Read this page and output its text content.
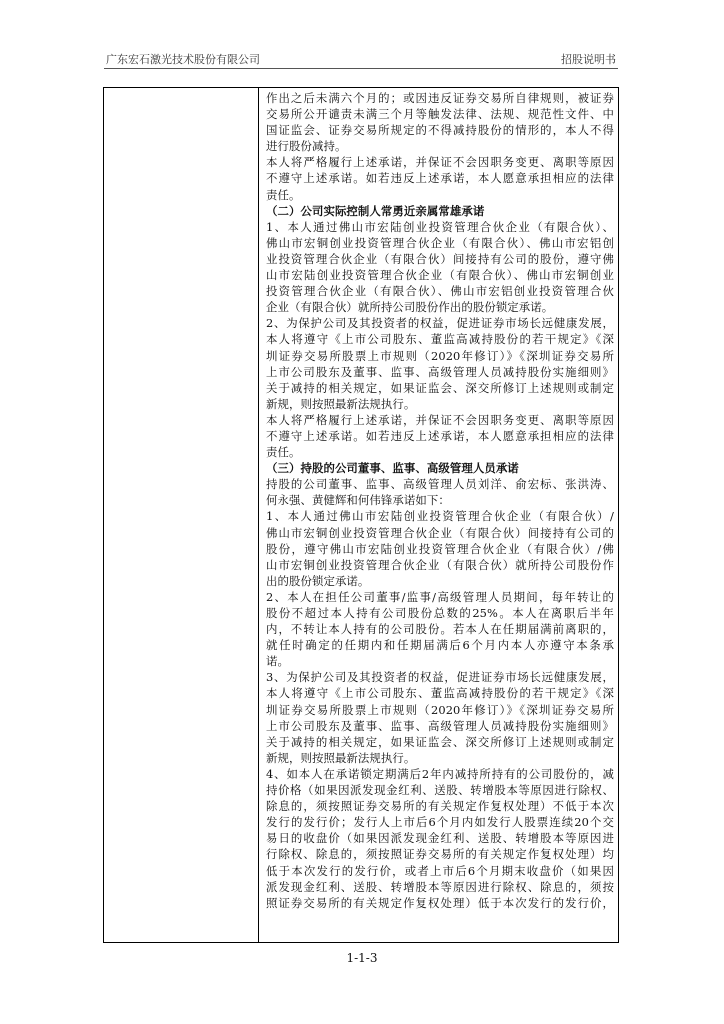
广东宏石激光技术股份有限公司	招股说明书
作出之后未满六个月的；或因违反证券交易所自律规则，被证券
交易所公开谴责未满三个月等触发法律、法规、规范性文件、中
国证监会、证券交易所规定的不得减持股份的情形的，本人不得
进行股份减持。
本人将严格履行上述承诺，并保证不会因职务变更、离职等原因
不遵守上述承诺。如若违反上述承诺，本人愿意承担相应的法律
责任。
（二）公司实际控制人常勇近亲属常雄承诺
1、本人通过佛山市宏陆创业投资管理合伙企业（有限合伙）、
佛山市宏铜创业投资管理合伙企业（有限合伙）、佛山市宏铝创
业投资管理合伙企业（有限合伙）间接持有公司的股份，遵守佛
山市宏陆创业投资管理合伙企业（有限合伙）、佛山市宏铜创业
投资管理合伙企业（有限合伙）、佛山市宏铝创业投资管理合伙
企业（有限合伙）就所持公司股份作出的股份锁定承诺。
2、为保护公司及其投资者的权益，促进证券市场长远健康发展，
本人将遵守《上市公司股东、董监高减持股份的若干规定》《深
圳证券交易所股票上市规则（2020年修订）》《深圳证券交易所
上市公司股东及董事、监事、高级管理人员减持股份实施细则》
关于减持的相关规定，如果证监会、深交所修订上述规则或制定
新规，则按照最新法规执行。
本人将严格履行上述承诺，并保证不会因职务变更、离职等原因
不遵守上述承诺。如若违反上述承诺，本人愿意承担相应的法律
责任。
（三）持股的公司董事、监事、高级管理人员承诺
持股的公司董事、监事、高级管理人员刘洋、俞宏标、张洪涛、
何永强、黄健辉和何伟锋承诺如下：
1、本人通过佛山市宏陆创业投资管理合伙企业（有限合伙）/
佛山市宏铜创业投资管理合伙企业（有限合伙）间接持有公司的
股份，遵守佛山市宏陆创业投资管理合伙企业（有限合伙）/佛
山市宏铜创业投资管理合伙企业（有限合伙）就所持公司股份作
出的股份锁定承诺。
2、本人在担任公司董事/监事/高级管理人员期间，每年转让的
股份不超过本人持有公司股份总数的25%。本人在离职后半年
内，不转让本人持有的公司股份。若本人在任期届满前离职的，
就任时确定的任期内和任期届满后6个月内本人亦遵守本条承
诺。
3、为保护公司及其投资者的权益，促进证券市场长远健康发展，
本人将遵守《上市公司股东、董监高减持股份的若干规定》《深
圳证券交易所股票上市规则（2020年修订）》《深圳证券交易所
上市公司股东及董事、监事、高级管理人员减持股份实施细则》
关于减持的相关规定，如果证监会、深交所修订上述规则或制定
新规，则按照最新法规执行。
4、如本人在承诺锁定期满后2年内减持所持有的公司股份的，减
持价格（如果因派发现金红利、送股、转增股本等原因进行除权、
除息的，须按照证券交易所的有关规定作复权处理）不低于本次
发行的发行价；发行人上市后6个月内如发行人股票连续20个交
易日的收盘价（如果因派发现金红利、送股、转增股本等原因进
行除权、除息的，须按照证券交易所的有关规定作复权处理）均
低于本次发行的发行价，或者上市后6个月期末收盘价（如果因
派发现金红利、送股、转增股本等原因进行除权、除息的，须按
照证券交易所的有关规定作复权处理）低于本次发行的发行价，
1-1-3
